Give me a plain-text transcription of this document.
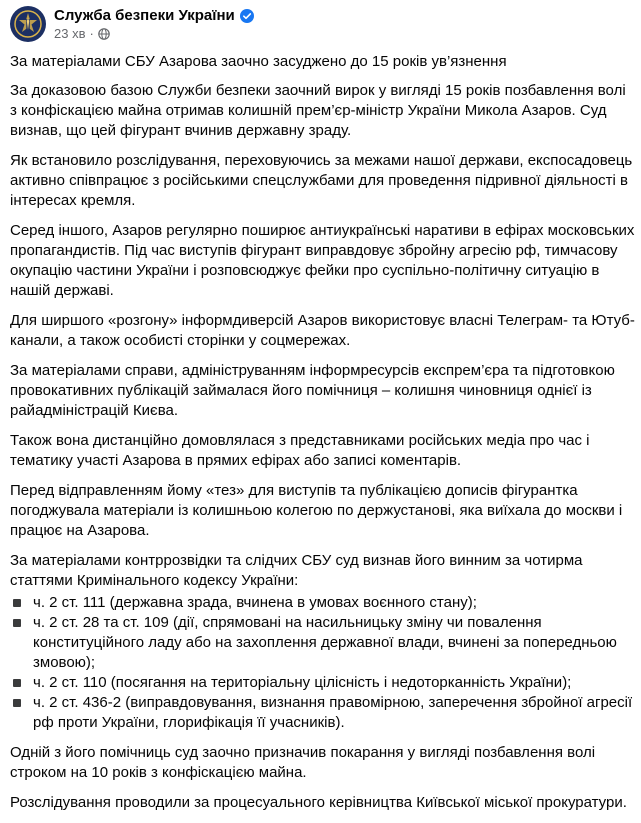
Служба безпеки України
23 хв ·

За матеріалами СБУ Азарова заочно засуджено до 15 років ув’язнення

За доказовою базою Служби безпеки заочний вирок у вигляді 15 років позбавлення волі з конфіскацією майна отримав колишній прем’єр-міністр України Микола Азаров. Суд визнав, що цей фігурант вчинив державну зраду.

Як встановило розслідування, переховуючись за межами нашої держави, експосадовець активно співпрацює з російськими спецслужбами для проведення підривної діяльності в інтересах кремля.

Серед іншого, Азаров регулярно поширює антиукраїнські наративи в ефірах московських пропагандистів. Під час виступів фігурант виправдовує збройну агресію рф, тимчасову окупацію частини України і розповсюджує фейки про суспільно-політичну ситуацію в нашій державі.

Для ширшого «розгону» інформдиверсій Азаров використовує власні Телеграм- та Ютуб-канали, а також особисті сторінки у соцмережах.

За матеріалами справи, адмініструванням інформресурсів експрем’єра та підготовкою провокативних публікацій займалася його помічниця – колишня чиновниця однієї із райадміністрацій Києва.

Також вона дистанційно домовлялася з представниками російських медіа про час і тематику участі Азарова в прямих ефірах або записі коментарів.

Перед відправленням йому «тез» для виступів та публікацією дописів фігурантка погоджувала матеріали із колишньою колегою по держустанові, яка виїхала до москви і працює на Азарова.

За матеріалами контррозвідки та слідчих СБУ суд визнав його винним за чотирма статтями Кримінального кодексу України:

ч. 2 ст. 111 (державна зрада, вчинена в умовах воєнного стану);
ч. 2 ст. 28 та ст. 109 (дії, спрямовані на насильницьку зміну чи повалення конституційного ладу або на захоплення державної влади, вчинені за попередньою змовою);
ч. 2 ст. 110 (посягання на територіальну цілісність і недоторканність України);
ч. 2 ст. 436-2 (виправдовування, визнання правомірною, заперечення збройної агресії рф проти України, глорифікація її учасників).

Одній з його помічниць суд заочно призначив покарання у вигляді позбавлення волі строком на 10 років з конфіскацією майна.

Розслідування проводили за процесуального керівництва Київської міської прокуратури.
